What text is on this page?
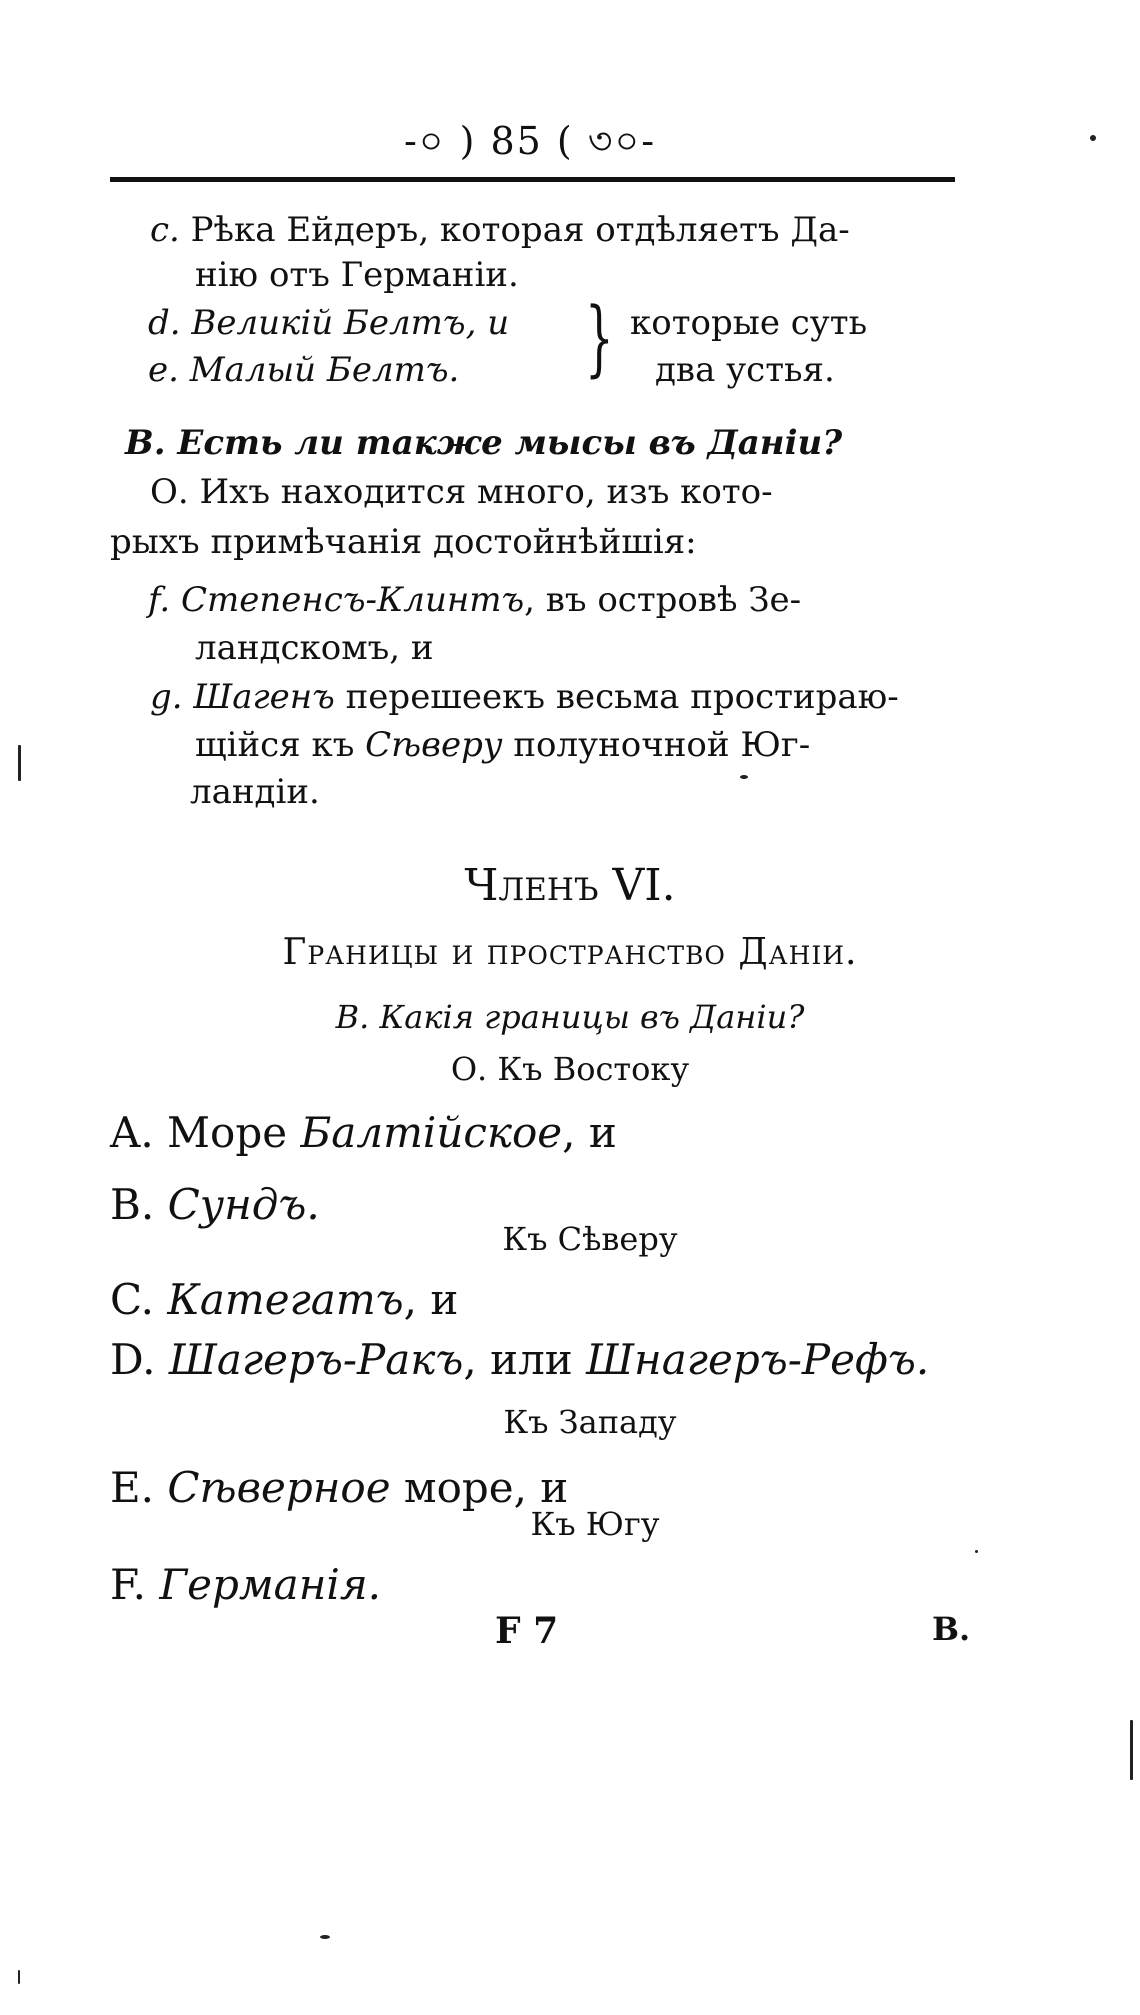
-০ ) 85 ( ৩০-
c. Рѣка Ейдеръ, которая отдѣляетъ Да-
нію отъ Германіи.
d. Великій Белтъ, и
e. Малый Белтъ. } которые суть
два устья.
В. Есть ли также мысы въ Даніи?
О. Ихъ находится много, изъ кото-
рыхъ примѣчанія достойнѣйшія:
f. Степенсъ-Клинтъ, въ островѣ Зе-
ландскомъ, и
g. Шагенъ перешеекъ весьма простираю-
щійся къ Сѣверу полуночной Юг-
ландіи.
Членъ VI.
Границы и пространство Даніи.
В. Какія границы въ Даніи?
О. Къ Востоку
A. Море Балтійское, и
B. Сундъ.
Къ Сѣверу
C. Категатъ, и
D. Шагеръ-Ракъ, или Шнагеръ-Рефъ.
Къ Западу
E. Сѣверное море, и
Къ Югу
F. Германія.
F 7	В.
